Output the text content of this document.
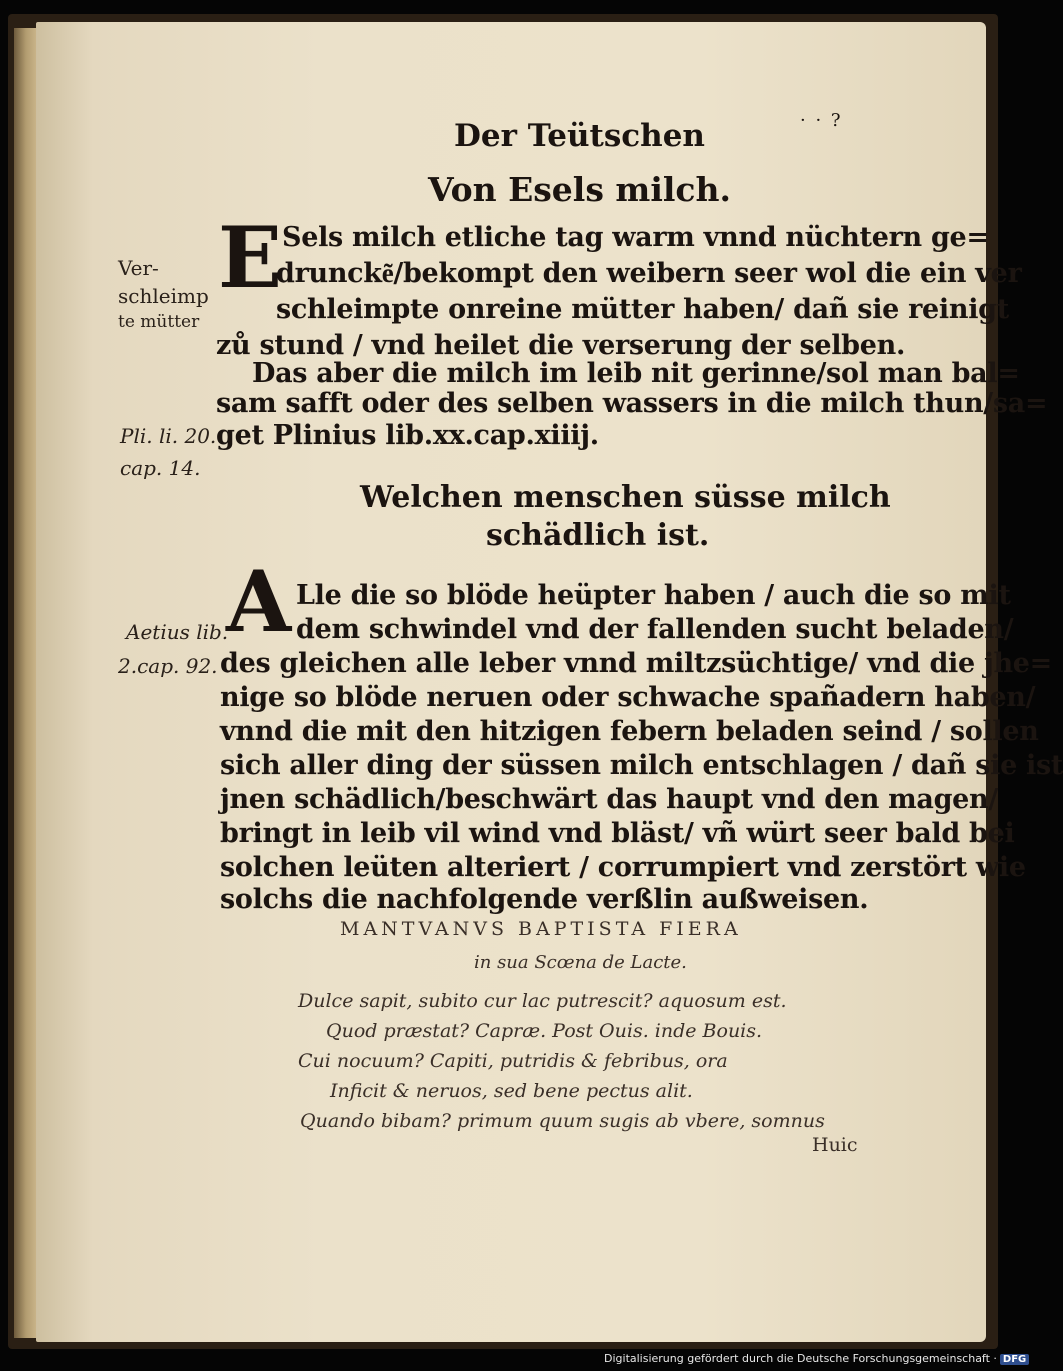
· · ?
Der Teütschen
Von Esels milch.
E Sels milch etliche tag warm vnnd nüchtern ge=
druncke͂/bekompt den weibern seer wol die ein ver
schleimpte onreine mütter haben/ dañ sie reinigt
zů stund / vnd heilet die verserung der selben.
Das aber die milch im leib nit gerinne/sol man bal=
sam safft oder des selben wassers in die milch thun/sa=
get Plinius lib.xx.cap.xiiij.
Ver-
schleimp
te mütter
Pli. li. 20.
cap. 14.
Welchen menschen süsse milch
schädlich ist.
A Lle die so blöde heüpter haben / auch die so mit
dem schwindel vnd der fallenden sucht beladen/
des gleichen alle leber vnnd miltzsüchtige/ vnd die jhe=
nige so blöde neruen oder schwache spañadern haben/
vnnd die mit den hitzigen febern beladen seind / sollen
sich aller ding der süssen milch entschlagen / dañ sie ist
jnen schädlich/beschwärt das haupt vnd den magen/
bringt in leib vil wind vnd bläst/ vñ würt seer bald bei
solchen leüten alteriert / corrumpiert vnd zerstört wie
solchs die nachfolgende verßlin außweisen.
Aetius lib.
2.cap. 92.
MANTVANVS BAPTISTA FIERA
in sua Scœna de Lacte.
Dulce sapit, subito cur lac putrescit? aquosum est.
Quod præstat? Capræ. Post Ouis. inde Bouis.
Cui nocuum? Capiti, putridis & febribus, ora
Inficit & neruos, sed bene pectus alit.
Quando bibam? primum quum sugis ab vbere, somnus
Huic
Digitalisierung gefördert durch die Deutsche Forschungsgemeinschaft · DFG
